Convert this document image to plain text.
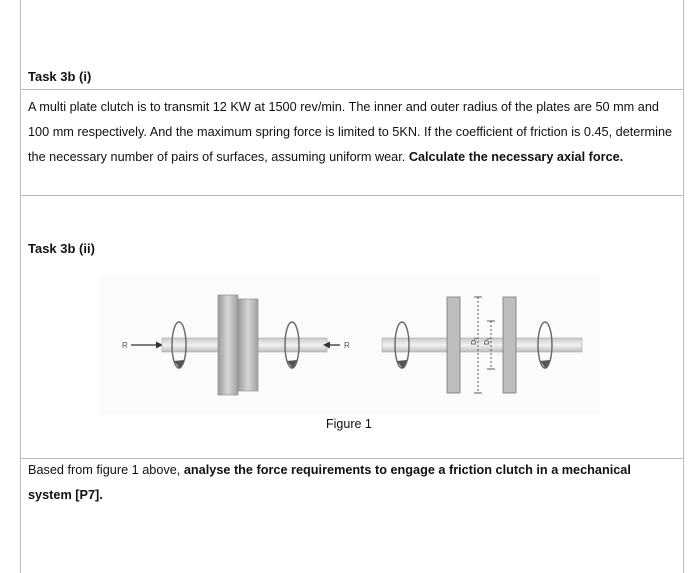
Task 3b (i)
A multi plate clutch is to transmit 12 KW at 1500 rev/min. The inner and outer radius of the plates are 50 mm and 100 mm respectively. And the maximum spring force is limited to 5KN. If the coefficient of friction is 0.45, determine the necessary number of pairs of surfaces, assuming uniform wear. Calculate the necessary axial force.
Task 3b (ii)
R	R	D₂ D₁
Figure 1
Based from figure 1 above, analyse the force requirements to engage a friction clutch in a mechanical system [P7].
